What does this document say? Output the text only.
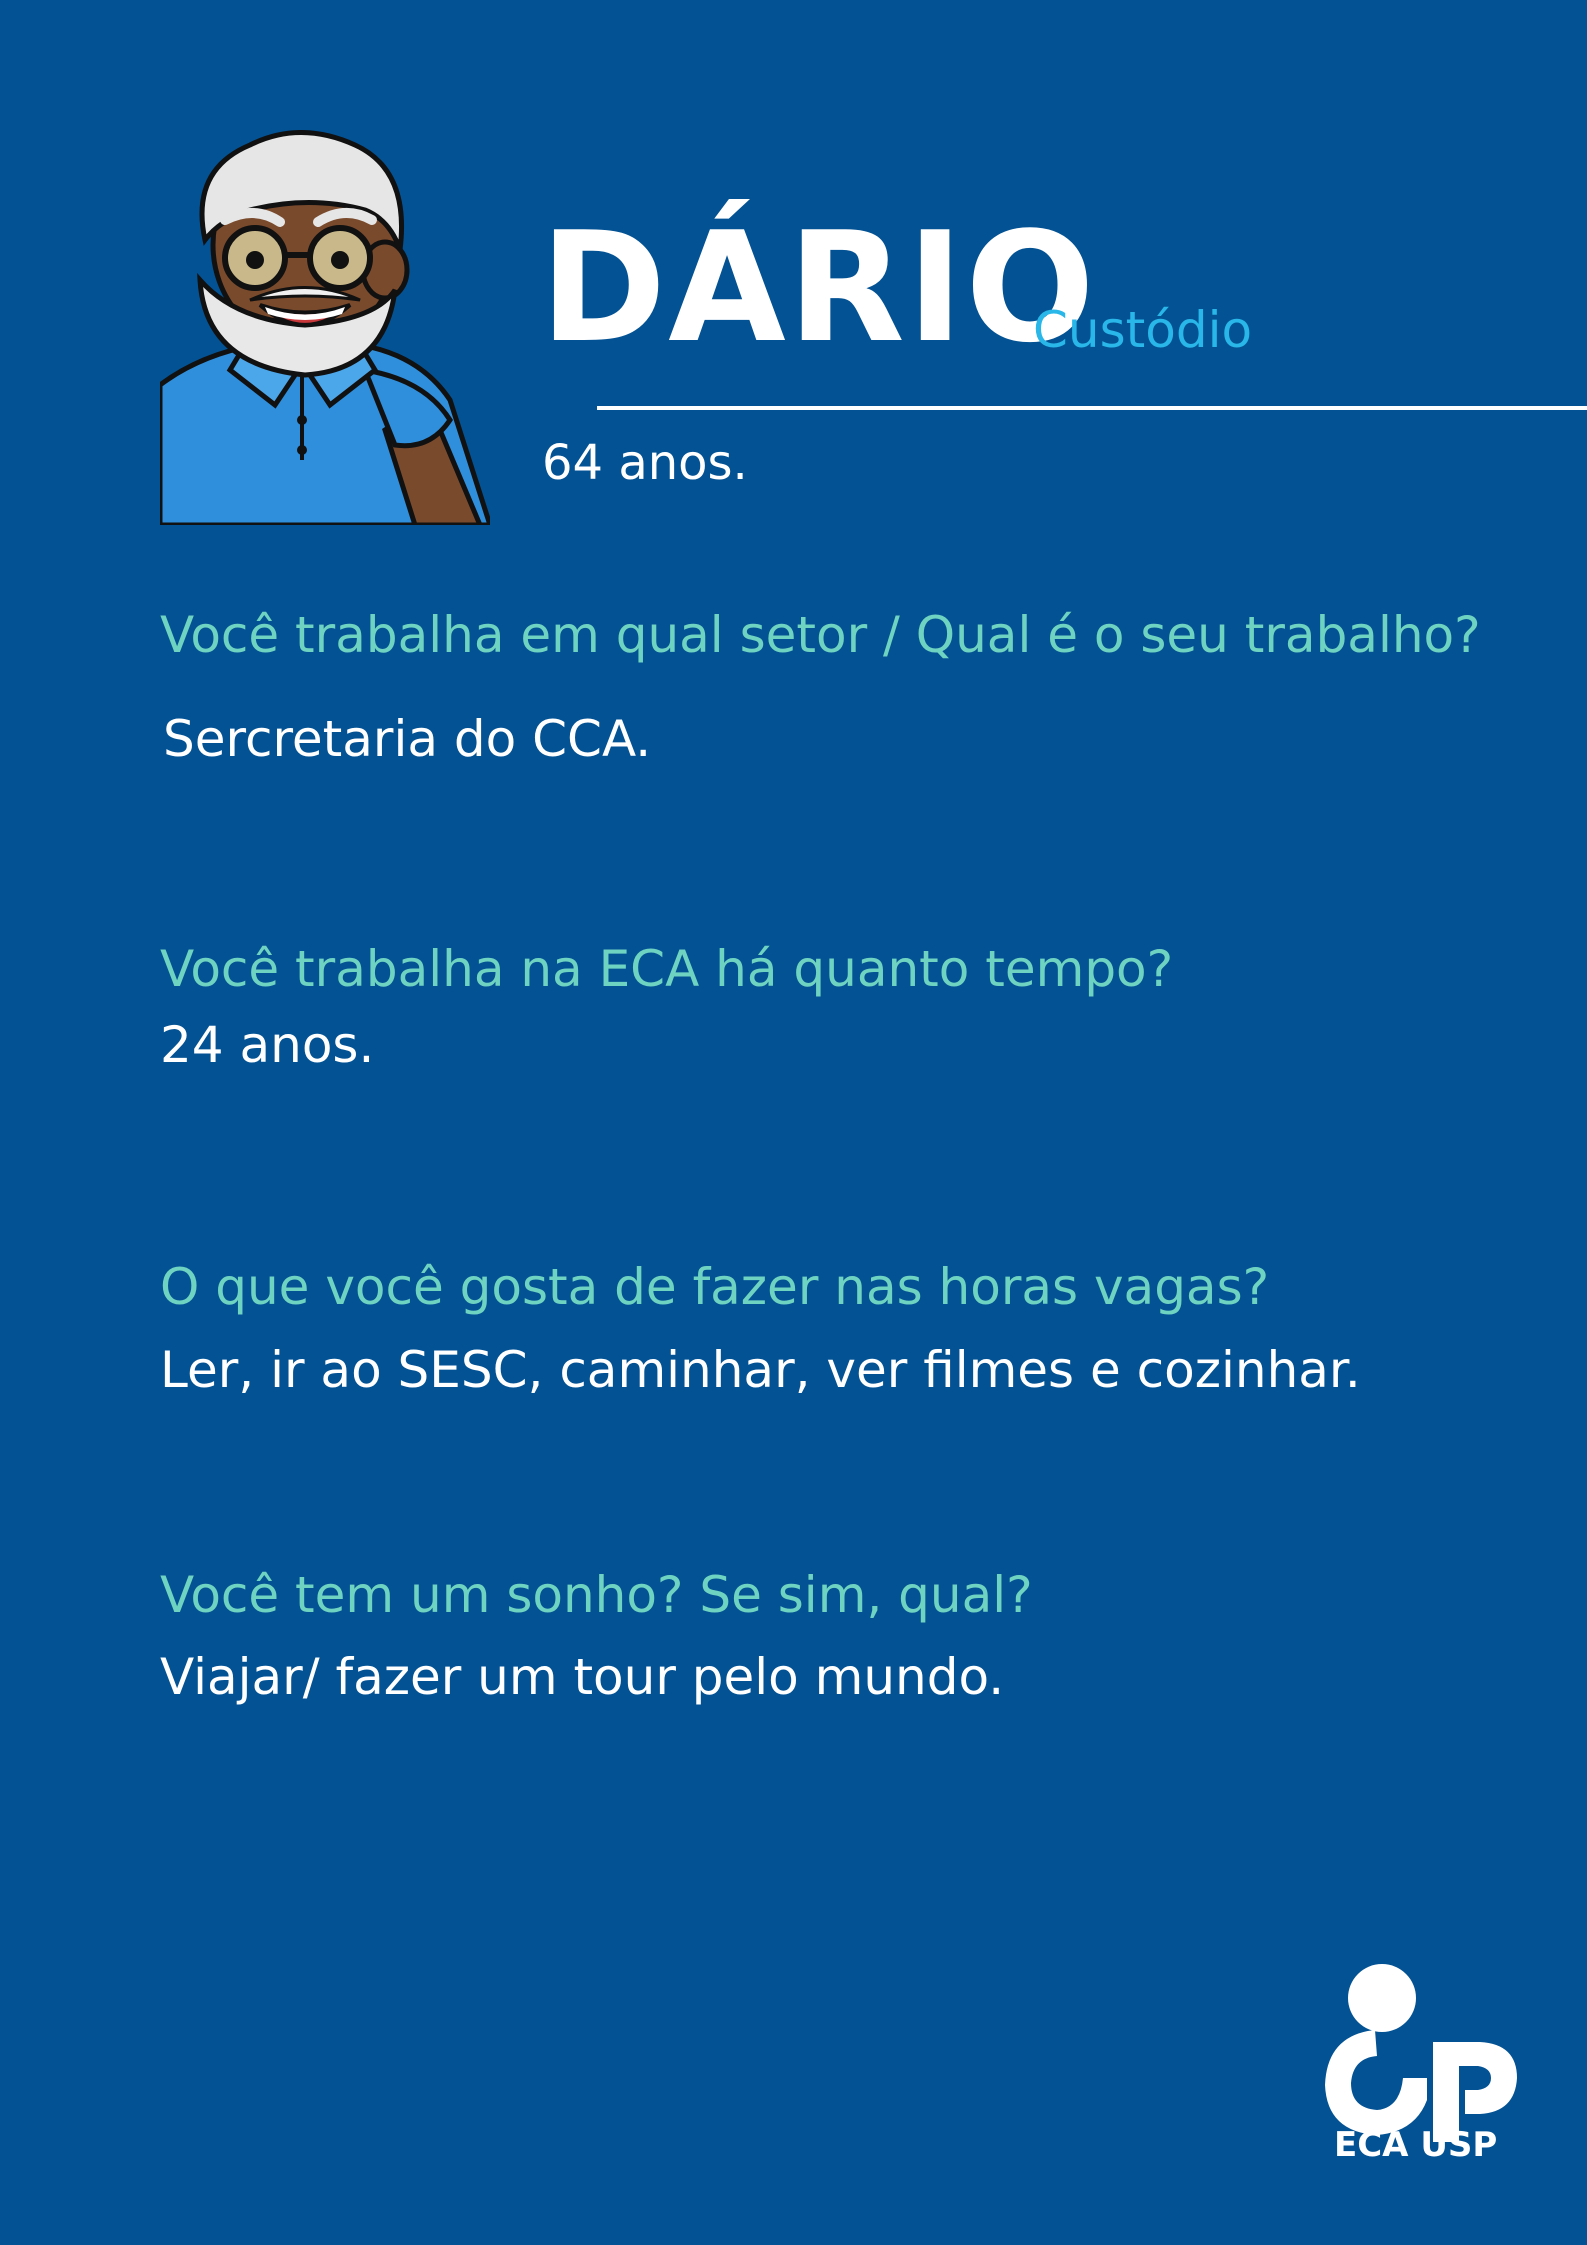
DÁRIO
Custódio
64 anos.
Você trabalha em qual setor / Qual é o seu trabalho?
Sercretaria do CCA.
Você trabalha na ECA há quanto tempo?
24 anos.
O que você gosta de fazer nas horas vagas?
Ler, ir ao SESC, caminhar, ver filmes e cozinhar.
Você tem um sonho? Se sim, qual?
Viajar/ fazer um tour pelo mundo.
ECA USP
